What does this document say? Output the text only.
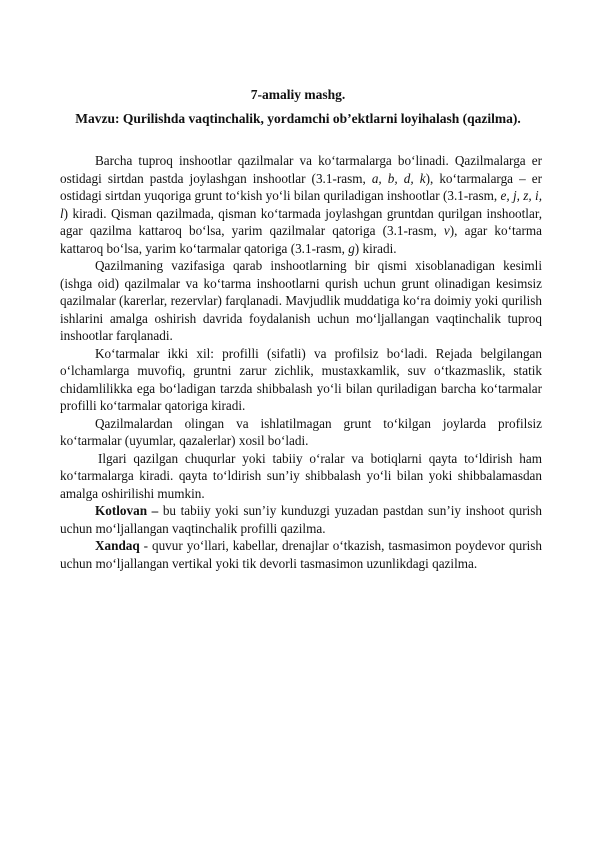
7-amaliy mashg.
Mavzu: Qurilishda vaqtinchalik, yordamchi ob’ektlarni loyihalash (qazilma).

Barcha tuproq inshootlar qazilmalar va ko‘tarmalarga bo‘linadi. Qazilmalarga er ostidagi sirtdan pastda joylashgan inshootlar (3.1-rasm, a, b, d, k), ko‘tarmalarga – er ostidagi sirtdan yuqoriga grunt to‘kish yo‘li bilan quriladigan inshootlar (3.1-rasm, e, j, z, i, l) kiradi. Qisman qazilmada, qisman ko‘tarmada joylashgan gruntdan qurilgan inshootlar, agar qazilma kattaroq bo‘lsa, yarim qazilmalar qatoriga (3.1-rasm, v), agar ko‘tarma kattaroq bo‘lsa, yarim ko‘tarmalar qatoriga (3.1-rasm, g) kiradi.

Qazilmaning vazifasiga qarab inshootlarning bir qismi xisoblanadigan kesimli (ishga oid) qazilmalar va ko‘tarma inshootlarni qurish uchun grunt olinadigan kesimsiz qazilmalar (karerlar, rezervlar) farqlanadi. Mavjudlik muddatiga ko‘ra doimiy yoki qurilish ishlarini amalga oshirish davrida foydalanish uchun mo‘ljallangan vaqtinchalik tuproq inshootlar farqlanadi.

Ko‘tarmalar ikki xil: profilli (sifatli) va profilsiz bo‘ladi. Rejada belgilangan o‘lchamlarga muvofiq, gruntni zarur zichlik, mustaxkamlik, suv o‘tkazmaslik, statik chidamlilikka ega bo‘ladigan tarzda shibbalash yo‘li bilan quriladigan barcha ko‘tarmalar profilli ko‘tarmalar qatoriga kiradi.

Qazilmalardan olingan va ishlatilmagan grunt to‘kilgan joylarda profilsiz ko‘tarmalar (uyumlar, qazalerlar) xosil bo‘ladi.

Ilgari qazilgan chuqurlar yoki tabiiy o‘ralar va botiqlarni qayta to‘ldirish ham ko‘tarmalarga kiradi. qayta to‘ldirish sun’iy shibbalash yo‘li bilan yoki shibbalamasdan amalga oshirilishi mumkin.

Kotlovan – bu tabiiy yoki sun’iy kunduzgi yuzadan pastdan sun’iy inshoot qurish uchun mo‘ljallangan vaqtinchalik profilli qazilma.

Xandaq - quvur yo‘llari, kabellar, drenajlar o‘tkazish, tasmasimon poydevor qurish uchun mo‘ljallangan vertikal yoki tik devorli tasmasimon uzunlikdagi qazilma.
